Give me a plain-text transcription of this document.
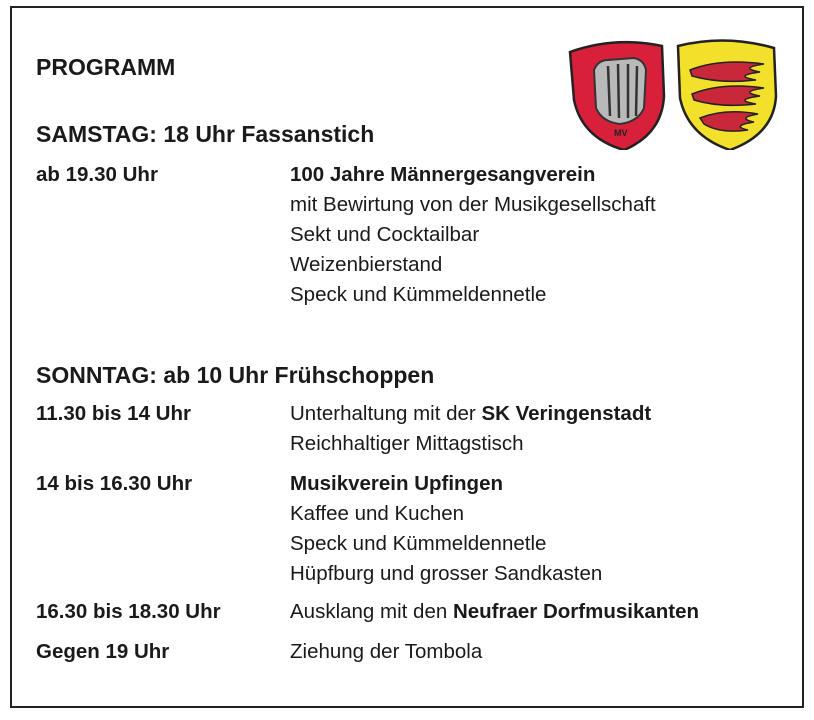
PROGRAMM
MV
SAMSTAG: 18 Uhr Fassanstich
ab 19.30 Uhr	100 Jahre Männergesangverein
mit Bewirtung von der Musikgesellschaft
Sekt und Cocktailbar
Weizenbierstand
Speck und Kümmeldennetle
SONNTAG: ab 10 Uhr Frühschoppen
11.30 bis 14 Uhr	Unterhaltung mit der SK Veringenstadt
Reichhaltiger Mittagstisch
14 bis 16.30 Uhr	Musikverein Upfingen
Kaffee und Kuchen
Speck und Kümmeldennetle
Hüpfburg und grosser Sandkasten
16.30 bis 18.30 Uhr	Ausklang mit den Neufraer Dorfmusikanten
Gegen 19 Uhr	Ziehung der Tombola
